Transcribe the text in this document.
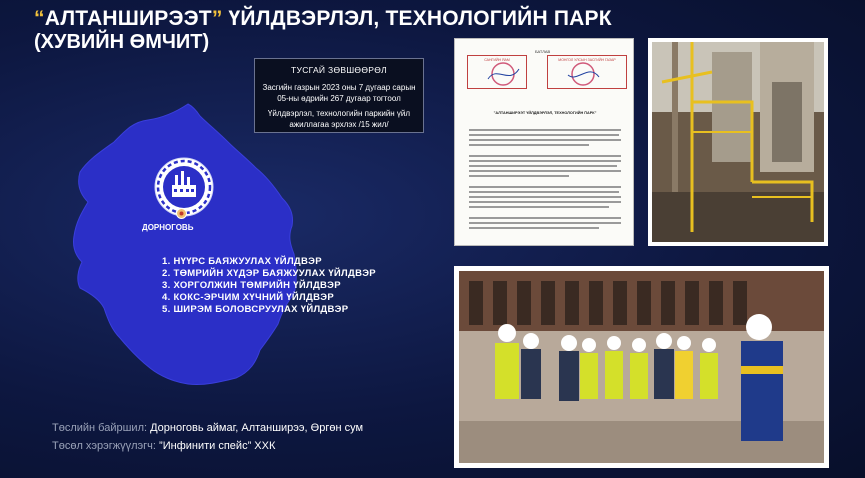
“АЛТАНШИРЭЭТ” ҮЙЛДВЭРЛЭЛ, ТЕХНОЛОГИЙН ПАРК
(ХУВИЙН ӨМЧИТ)
ДОРНОГОВЬ
ТУСГАЙ ЗӨВШӨӨРӨЛ
Засгийн газрын 2023 оны 7 дугаар сарын 05-ны өдрийн 267 дугаар тогтоол
Үйлдвэрлэл, технологийн паркийн үйл ажиллагаа эрхлэх /15 жил/
1. НҮҮРС БАЯЖУУЛАХ ҮЙЛДВЭР
2. ТӨМРИЙН ХҮДЭР БАЯЖУУЛАХ ҮЙЛДВЭР
3. ХОРГОЛЖИН ТӨМРИЙН ҮЙЛДВЭР
4. КОКС-ЭРЧИМ ХҮЧНИЙ ҮЙЛДВЭР
5. ШИРЭМ БОЛОВСРУУЛАХ ҮЙЛДВЭР
Төслийн байршил: Дорноговь аймаг, Алтанширээ, Өргөн сум
Төсөл хэрэгжүүлэгч: ”Инфинити спейс” ХХК
БАТЛАВ
САНГИЙН ЯАМ	МОНГОЛ УЛСЫН ЗАСГИЙН ГАЗАР
"АЛТАНШИРЭЭТ ҮЙЛДВЭРЛЭЛ, ТЕХНОЛОГИЙН ПАРК"
